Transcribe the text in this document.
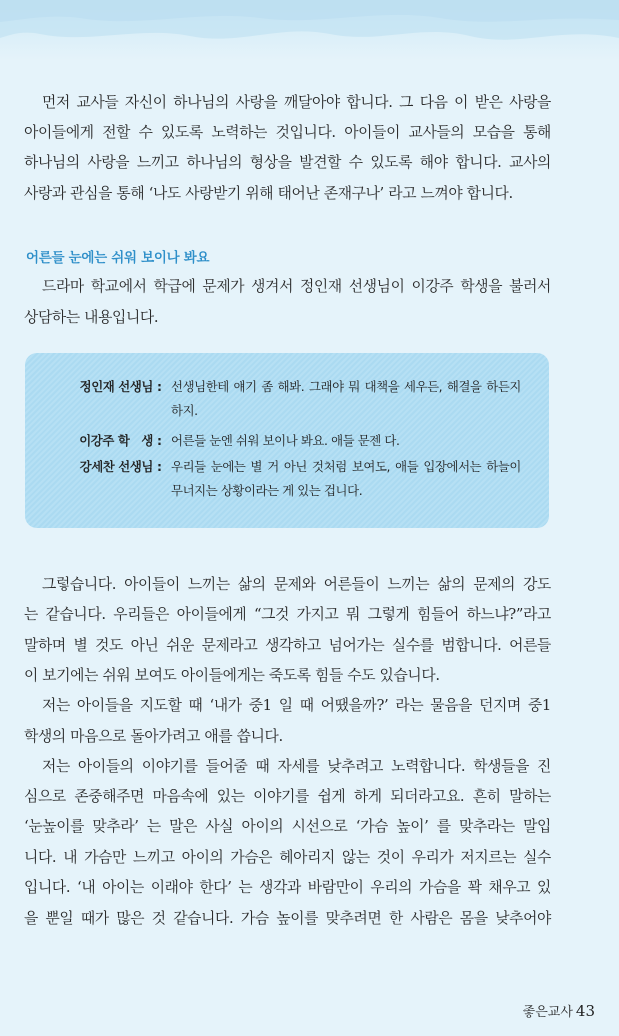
먼저 교사들 자신이 하나님의 사랑을 깨달아야 합니다. 그 다음 이 받은 사랑을

아이들에게 전할 수 있도록 노력하는 것입니다. 아이들이 교사들의 모습을 통해

하나님의 사랑을 느끼고 하나님의 형상을 발견할 수 있도록 해야 합니다. 교사의

사랑과 관심을 통해 ‘나도 사랑받기 위해 태어난 존재구나’ 라고 느껴야 합니다.

어른들 눈에는 쉬워 보이나 봐요

드라마 학교에서 학급에 문제가 생겨서 정인재 선생님이 이강주 학생을 불러서

상담하는 내용입니다.

정인재 선생님 : 선생님한테 얘기 좀 해봐. 그래야 뭐 대책을 세우든, 해결을 하든지 하지.
이강주 학　생 : 어른들 눈엔 쉬워 보이나 봐요. 애들 문젠 다.
강세찬 선생님 : 우리들 눈에는 별 거 아닌 것처럼 보여도, 애들 입장에서는 하늘이 무너지는 상황이라는 게 있는 겁니다.

그렇습니다. 아이들이 느끼는 삶의 문제와 어른들이 느끼는 삶의 문제의 강도

는 같습니다. 우리들은 아이들에게 “그것 가지고 뭐 그렇게 힘들어 하느냐?”라고

말하며 별 것도 아닌 쉬운 문제라고 생각하고 넘어가는 실수를 범합니다. 어른들

이 보기에는 쉬워 보여도 아이들에게는 죽도록 힘들 수도 있습니다.

저는 아이들을 지도할 때 ‘내가 중1 일 때 어땠을까?’ 라는 물음을 던지며 중1

학생의 마음으로 돌아가려고 애를 씁니다.

저는 아이들의 이야기를 들어줄 때 자세를 낮추려고 노력합니다. 학생들을 진

심으로 존중해주면 마음속에 있는 이야기를 쉽게 하게 되더라고요. 흔히 말하는

‘눈높이를 맞추라’ 는 말은 사실 아이의 시선으로 ‘가슴 높이’ 를 맞추라는 말입

니다. 내 가슴만 느끼고 아이의 가슴은 헤아리지 않는 것이 우리가 저지르는 실수

입니다. ‘내 아이는 이래야 한다’ 는 생각과 바람만이 우리의 가슴을 꽉 채우고 있

을 뿐일 때가 많은 것 같습니다. 가슴 높이를 맞추려면 한 사람은 몸을 낮추어야

좋은교사 43
